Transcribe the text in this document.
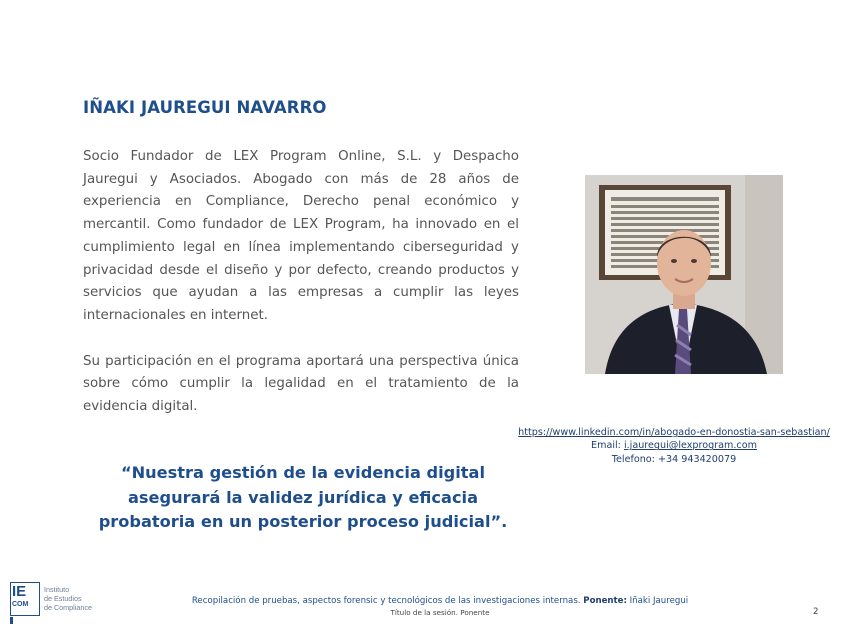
IÑAKI JAUREGUI NAVARRO

Socio Fundador de LEX Program Online, S.L. y Despacho Jauregui y Asociados. Abogado con más de 28 años de experiencia en Compliance, Derecho penal económico y mercantil. Como fundador de LEX Program, ha innovado en el cumplimiento legal en línea implementando ciberseguridad y privacidad desde el diseño y por defecto, creando productos y servicios que ayudan a las empresas a cumplir las leyes internacionales en internet.

Su participación en el programa aportará una perspectiva única sobre cómo cumplir la legalidad en el tratamiento de la evidencia digital.

https://www.linkedin.com/in/abogado-en-donostia-san-sebastian/
Email: i.jauregui@lexprogram.com
Telefono: +34 943420079
“Nuestra gestión de la evidencia digital asegurará la validez jurídica y eficacia probatoria en un posterior proceso judicial”.
IE
COM
Instituto
de Estudios
de Compliance
Recopilación de pruebas, aspectos forensic y tecnológicos de las investigaciones internas. Ponente: Iñaki Jauregui
Título de la sesión. Ponente	2
